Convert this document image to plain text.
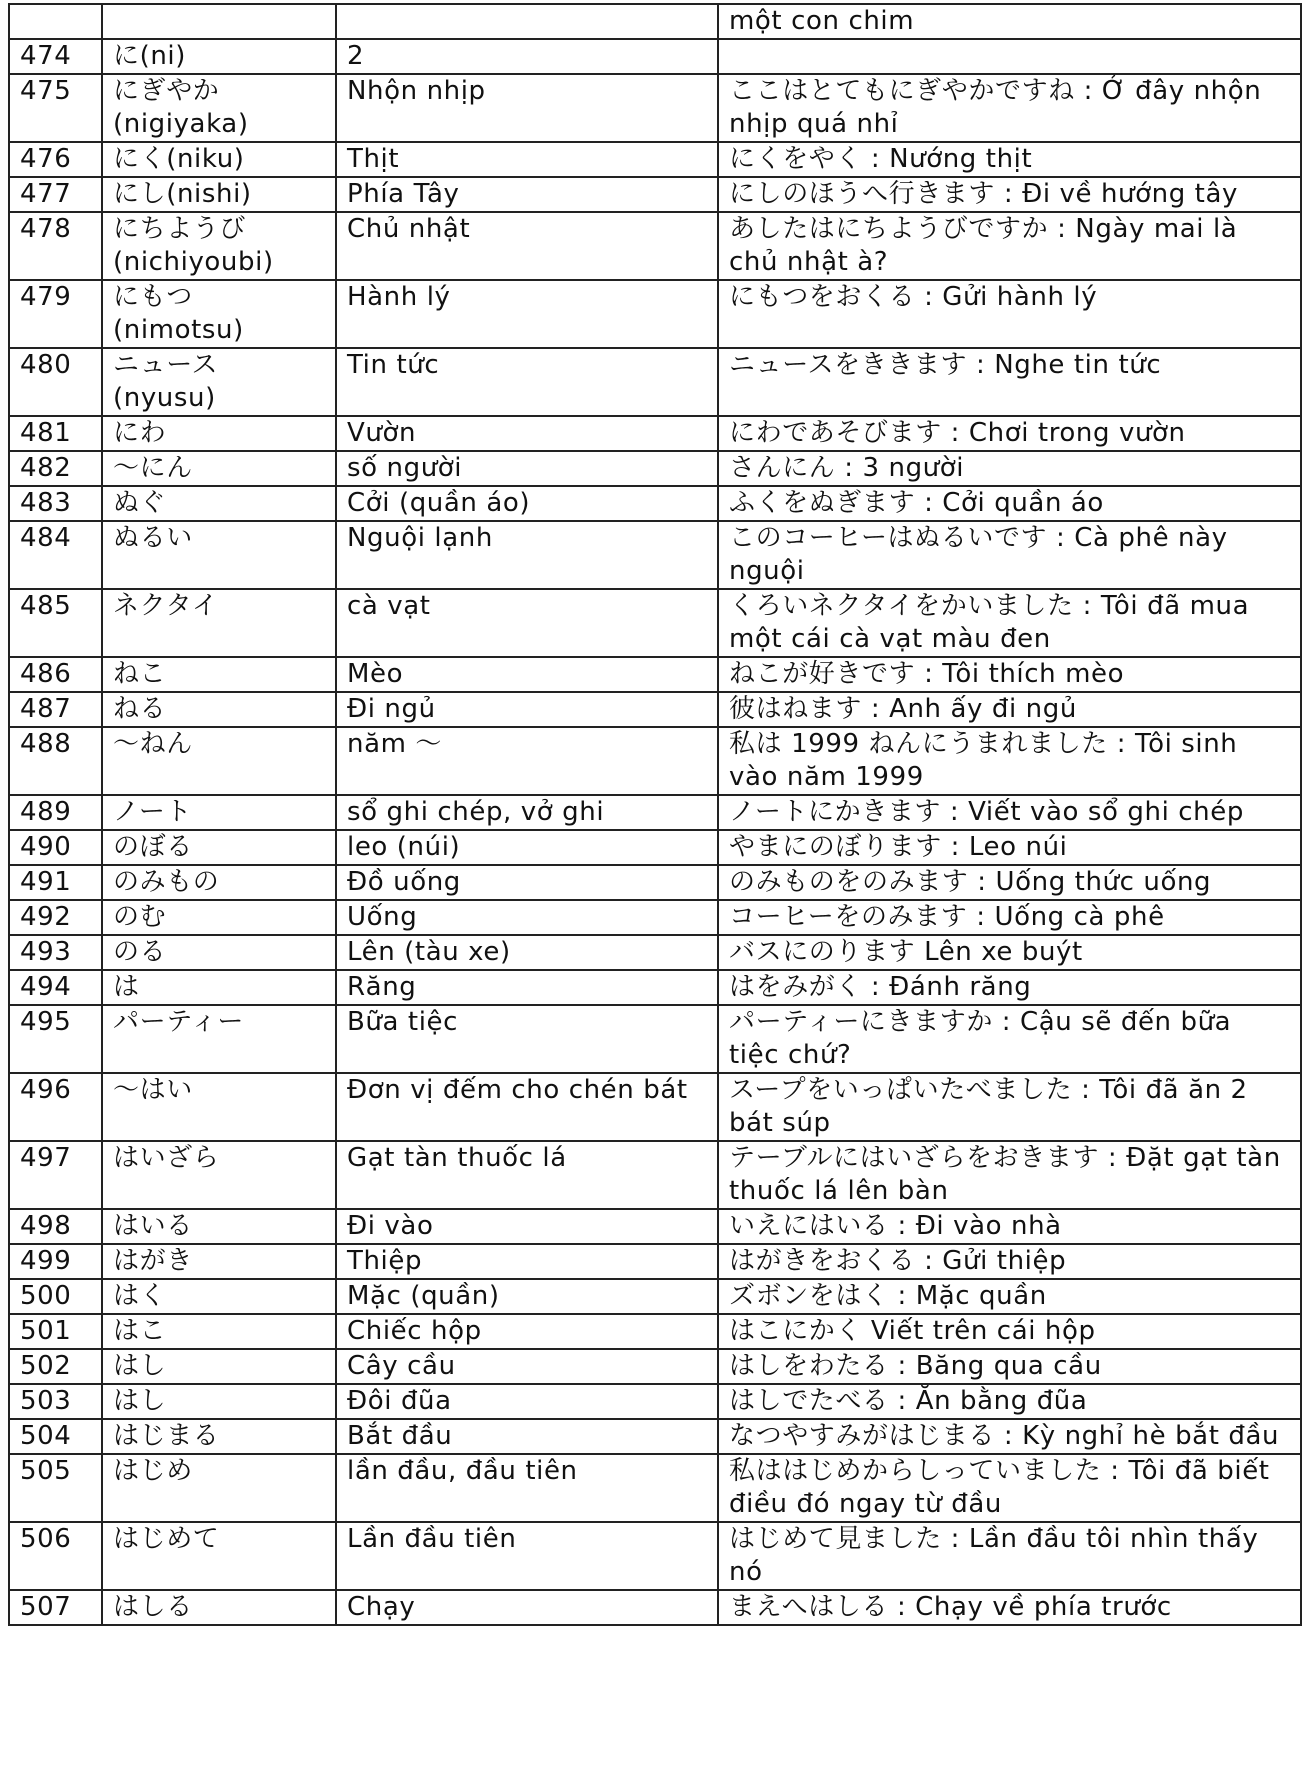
			một con chim
474	に(ni)	2	
475	にぎやか (nigiyaka)	Nhộn nhịp	ここはとてもにぎやかですね : Ở đây nhộn nhịp quá nhỉ
476	にく(niku)	Thịt	にくをやく : Nướng thịt
477	にし(nishi)	Phía Tây	にしのほうへ行きます : Đi về hướng tây
478	にちようび (nichiyoubi)	Chủ nhật	あしたはにちようびですか : Ngày mai là chủ nhật à?
479	にもつ (nimotsu)	Hành lý	にもつをおくる : Gửi hành lý
480	ニュース (nyusu)	Tin tức	ニュースをききます : Nghe tin tức
481	にわ	Vườn	にわであそびます : Chơi trong vườn
482	～にん	số người	さんにん : 3 người
483	ぬぐ	Cởi (quần áo)	ふくをぬぎます : Cởi quần áo
484	ぬるい	Nguội lạnh	このコーヒーはぬるいです : Cà phê này nguội
485	ネクタイ	cà vạt	くろいネクタイをかいました : Tôi đã mua một cái cà vạt màu đen
486	ねこ	Mèo	ねこが好きです : Tôi thích mèo
487	ねる	Đi ngủ	彼はねます : Anh ấy đi ngủ
488	～ねん	năm ～	私は 1999 ねんにうまれました : Tôi sinh vào năm 1999
489	ノート	sổ ghi chép, vở ghi	ノートにかきます : Viết vào sổ ghi chép
490	のぼる	leo (núi)	やまにのぼります : Leo núi
491	のみもの	Đồ uống	のみものをのみます : Uống thức uống
492	のむ	Uống	コーヒーをのみます : Uống cà phê
493	のる	Lên (tàu xe)	バスにのります Lên xe buýt
494	は	Răng	はをみがく : Đánh răng
495	パーティー	Bữa tiệc	パーティーにきますか : Cậu sẽ đến bữa tiệc chứ?
496	～はい	Đơn vị đếm cho chén bát	スープをいっぱいたべました : Tôi đã ăn 2 bát súp
497	はいざら	Gạt tàn thuốc lá	テーブルにはいざらをおきます : Đặt gạt tàn thuốc lá lên bàn
498	はいる	Đi vào	いえにはいる : Đi vào nhà
499	はがき	Thiệp	はがきをおくる : Gửi thiệp
500	はく	Mặc (quần)	ズボンをはく : Mặc quần
501	はこ	Chiếc hộp	はこにかく Viết trên cái hộp
502	はし	Cây cầu	はしをわたる : Băng qua cầu
503	はし	Đôi đũa	はしでたべる : Ăn bằng đũa
504	はじまる	Bắt đầu	なつやすみがはじまる : Kỳ nghỉ hè bắt đầu
505	はじめ	lần đầu, đầu tiên	私ははじめからしっていました : Tôi đã biết điều đó ngay từ đầu
506	はじめて	Lần đầu tiên	はじめて見ました : Lần đầu tôi nhìn thấy nó
507	はしる	Chạy	まえへはしる : Chạy về phía trước
